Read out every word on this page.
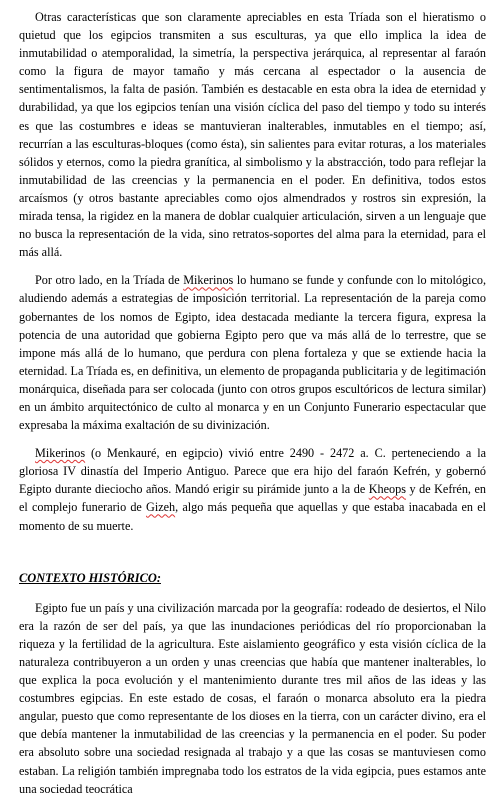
Otras características que son claramente apreciables en esta Tríada son el hieratismo o quietud que los egipcios transmiten a sus esculturas, ya que ello implica la idea de inmutabilidad o atemporalidad, la simetría, la perspectiva jerárquica, al representar al faraón como la figura de mayor tamaño y más cercana al espectador o la ausencia de sentimentalismos, la falta de pasión. También es destacable en esta obra la idea de eternidad y durabilidad, ya que los egipcios tenían una visión cíclica del paso del tiempo y todo su interés es que las costumbres e ideas se mantuvieran inalterables, inmutables en el tiempo; así, recurrían a las esculturas-bloques (como ésta), sin salientes para evitar roturas, a los materiales sólidos y eternos, como la piedra granítica, al simbolismo y la abstracción, todo para reflejar la inmutabilidad de las creencias y la permanencia en el poder. En definitiva, todos estos arcaísmos (y otros bastante apreciables como ojos almendrados y rostros sin expresión, la mirada tensa, la rigidez en la manera de doblar cualquier articulación, sirven a un lenguaje que no busca la representación de la vida, sino retratos-soportes del alma para la eternidad, para el más allá.

Por otro lado, en la Tríada de Mikerinos lo humano se funde y confunde con lo mitológico, aludiendo además a estrategias de imposición territorial. La representación de la pareja como gobernantes de los nomos de Egipto, idea destacada mediante la tercera figura, expresa la potencia de una autoridad que gobierna Egipto pero que va más allá de lo terrestre, que se impone más allá de lo humano, que perdura con plena fortaleza y que se extiende hacia la eternidad. La Tríada es, en definitiva, un elemento de propaganda publicitaria y de legitimación monárquica, diseñada para ser colocada (junto con otros grupos escultóricos de lectura similar) en un ámbito arquitectónico de culto al monarca y en un Conjunto Funerario espectacular que expresaba la máxima exaltación de su divinización.

Mikerinos (o Menkauré, en egipcio) vivió entre 2490 - 2472 a. C. perteneciendo a la gloriosa IV dinastía del Imperio Antiguo. Parece que era hijo del faraón Kefrén, y gobernó Egipto durante dieciocho años. Mandó erigir su pirámide junto a la de Kheops y de Kefrén, en el complejo funerario de Gizeh, algo más pequeña que aquellas y que estaba inacabada en el momento de su muerte.

CONTEXTO HISTÓRICO:

Egipto fue un país y una civilización marcada por la geografía: rodeado de desiertos, el Nilo era la razón de ser del país, ya que las inundaciones periódicas del río proporcionaban la riqueza y la fertilidad de la agricultura. Este aislamiento geográfico y esta visión cíclica de la naturaleza contribuyeron a un orden y unas creencias que había que mantener inalterables, lo que explica la poca evolución y el mantenimiento durante tres mil años de las ideas y las costumbres egipcias. En este estado de cosas, el faraón o monarca absoluto era la piedra angular, puesto que como representante de los dioses en la tierra, con un carácter divino, era el que debía mantener la inmutabilidad de las creencias y la permanencia en el poder. Su poder era absoluto sobre una sociedad resignada al trabajo y a que las cosas se mantuviesen como estaban. La religión también impregnaba todo los estratos de la vida egipcia, pues estamos ante una sociedad teocrática
